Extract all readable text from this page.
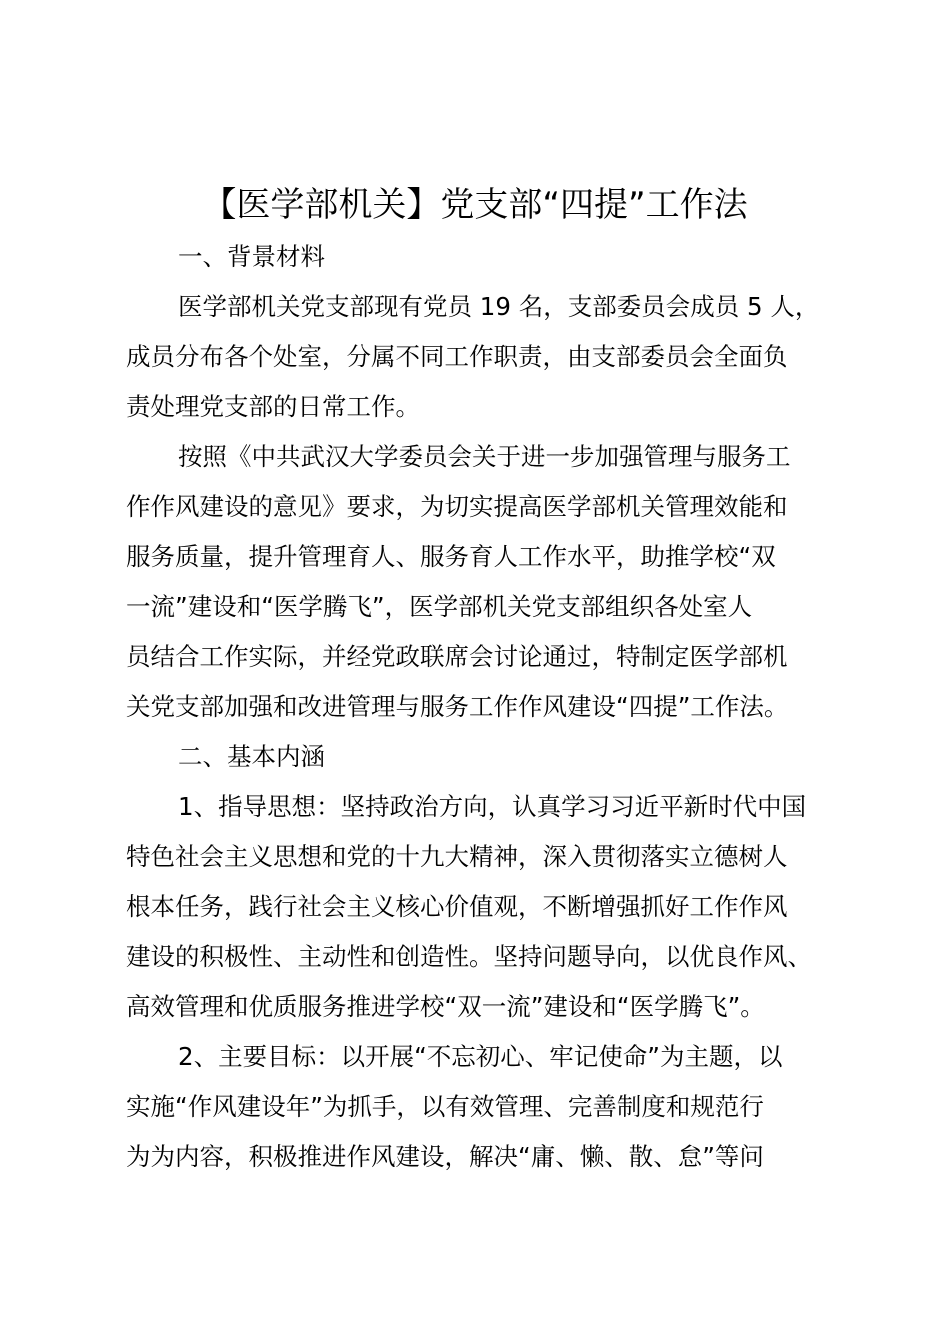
【医学部机关】党支部“四提”工作法
一、背景材料
医学部机关党支部现有党员 19 名，支部委员会成员 5 人，
成员分布各个处室，分属不同工作职责，由支部委员会全面负
责处理党支部的日常工作。
按照《中共武汉大学委员会关于进一步加强管理与服务工
作作风建设的意见》要求，为切实提高医学部机关管理效能和
服务质量，提升管理育人、服务育人工作水平，助推学校“双
一流”建设和“医学腾飞”，医学部机关党支部组织各处室人
员结合工作实际，并经党政联席会讨论通过，特制定医学部机
关党支部加强和改进管理与服务工作作风建设“四提”工作法。
二、基本内涵
1、指导思想：坚持政治方向，认真学习习近平新时代中国
特色社会主义思想和党的十九大精神，深入贯彻落实立德树人
根本任务，践行社会主义核心价值观，不断增强抓好工作作风
建设的积极性、主动性和创造性。坚持问题导向，以优良作风、
高效管理和优质服务推进学校“双一流”建设和“医学腾飞”。
2、主要目标：以开展“不忘初心、牢记使命”为主题，以
实施“作风建设年”为抓手，以有效管理、完善制度和规范行
为为内容，积极推进作风建设，解决“庸、懒、散、怠”等问
